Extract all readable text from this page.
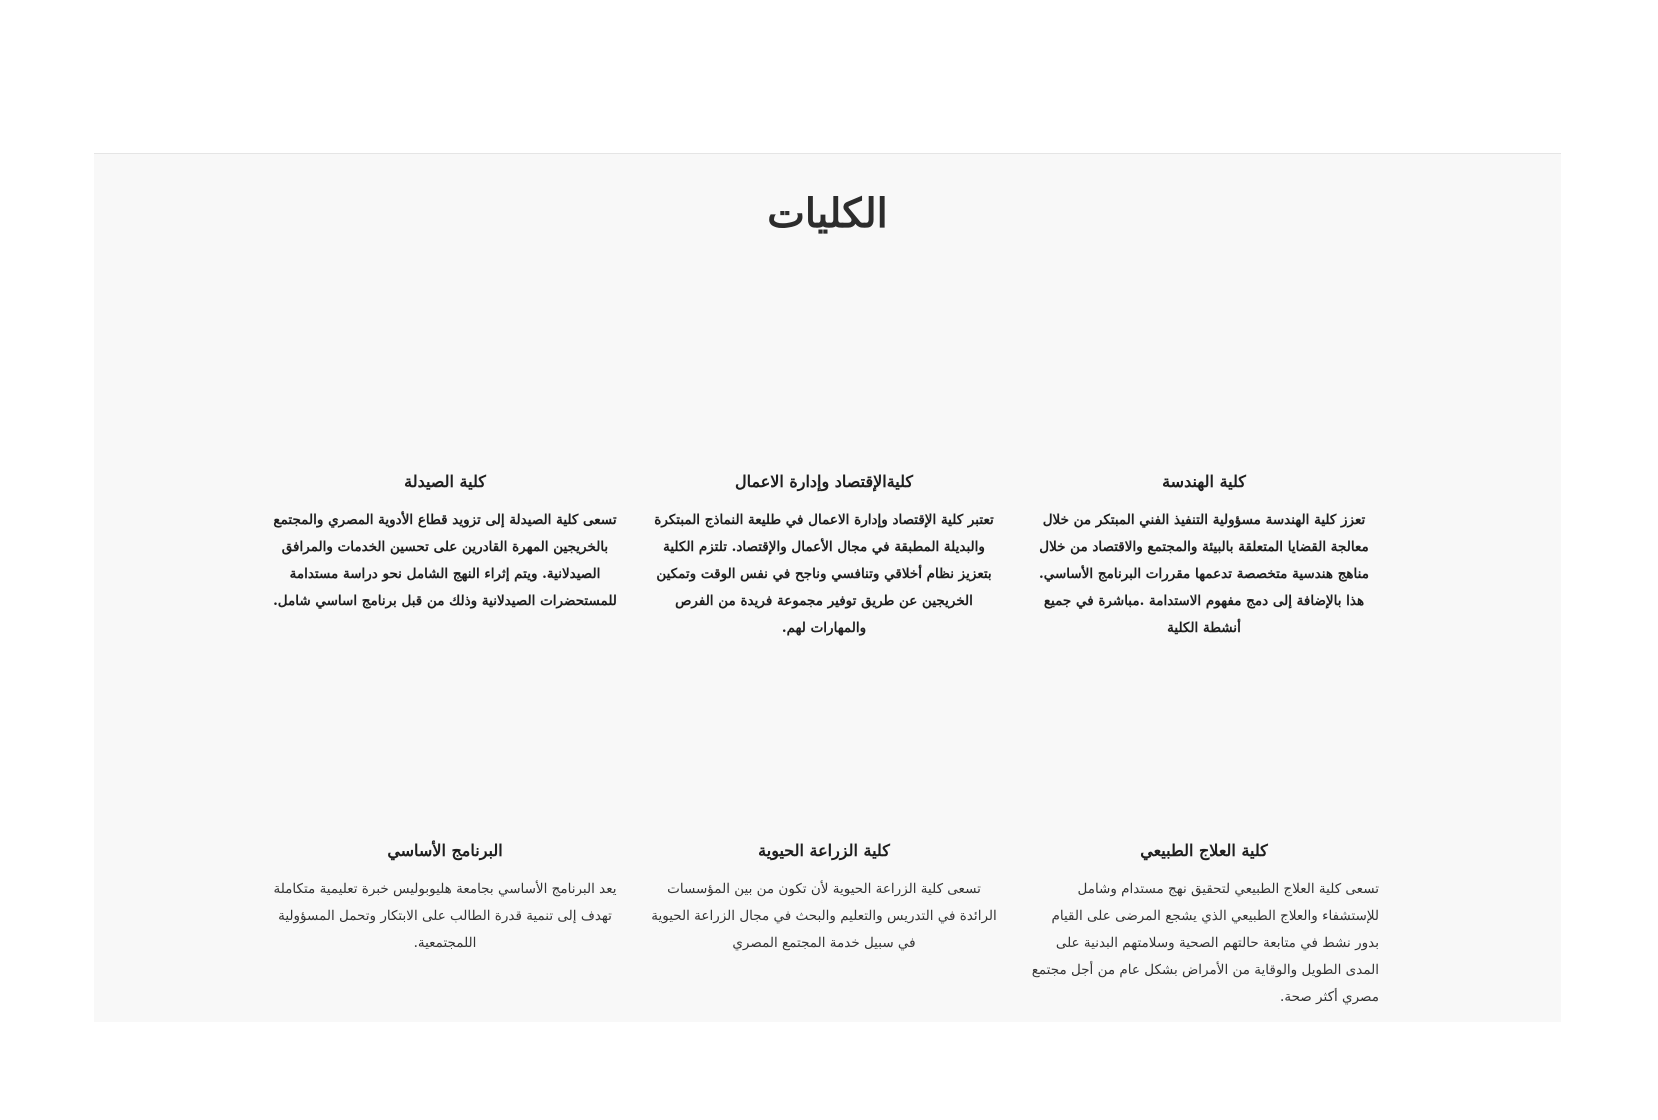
الكليات
كلية الهندسة

تعزز كلية الهندسة مسؤولية التنفيذ الفني المبتكر من خلال معالجة القضايا المتعلقة بالبيئة والمجتمع والاقتصاد من خلال مناهج هندسية متخصصة تدعمها مقررات البرنامج الأساسي. هذا بالإضافة إلى دمج مفهوم الاستدامة .مباشرة في جميع أنشطة الكلية

كليةالإقتصاد وإدارة الاعمال

تعتبر كلية الإقتصاد وإدارة الاعمال في طليعة النماذج المبتكرة والبديلة المطبقة في مجال الأعمال والإقتصاد. تلتزم الكلية بتعزيز نظام أخلاقي وتنافسي وناجح في نفس الوقت وتمكين الخريجين عن طريق توفير مجموعة فريدة من الفرص والمهارات لهم.

كلية الصيدلة

تسعى كلية الصيدلة إلى تزويد قطاع الأدوية المصري والمجتمع بالخريجين المهرة القادرين على تحسين الخدمات والمرافق الصيدلانية. ويتم إثراء النهج الشامل نحو دراسة مستدامة للمستحضرات الصيدلانية وذلك من قبل برنامج اساسي شامل.

كلية العلاج الطبيعي

تسعى كلية العلاج الطبيعي لتحقيق نهج مستدام وشامل للإستشفاء والعلاج الطبيعي الذي يشجع المرضى على القيام بدور نشط في متابعة حالتهم الصحية وسلامتهم البدنية على المدى الطويل والوقاية من الأمراض بشكل عام من أجل مجتمع مصري أكثر صحة.

كلية الزراعة الحيوية

تسعى كلية الزراعة الحيوية لأن تكون من بين المؤسسات الرائدة في التدريس والتعليم والبحث في مجال الزراعة الحيوية في سبيل خدمة المجتمع المصري

البرنامج الأساسي

يعد البرنامج الأساسي بجامعة هليوبوليس خبرة تعليمية متكاملة تهدف إلى تنمية قدرة الطالب على الابتكار وتحمل المسؤولية اللمجتمعية.
